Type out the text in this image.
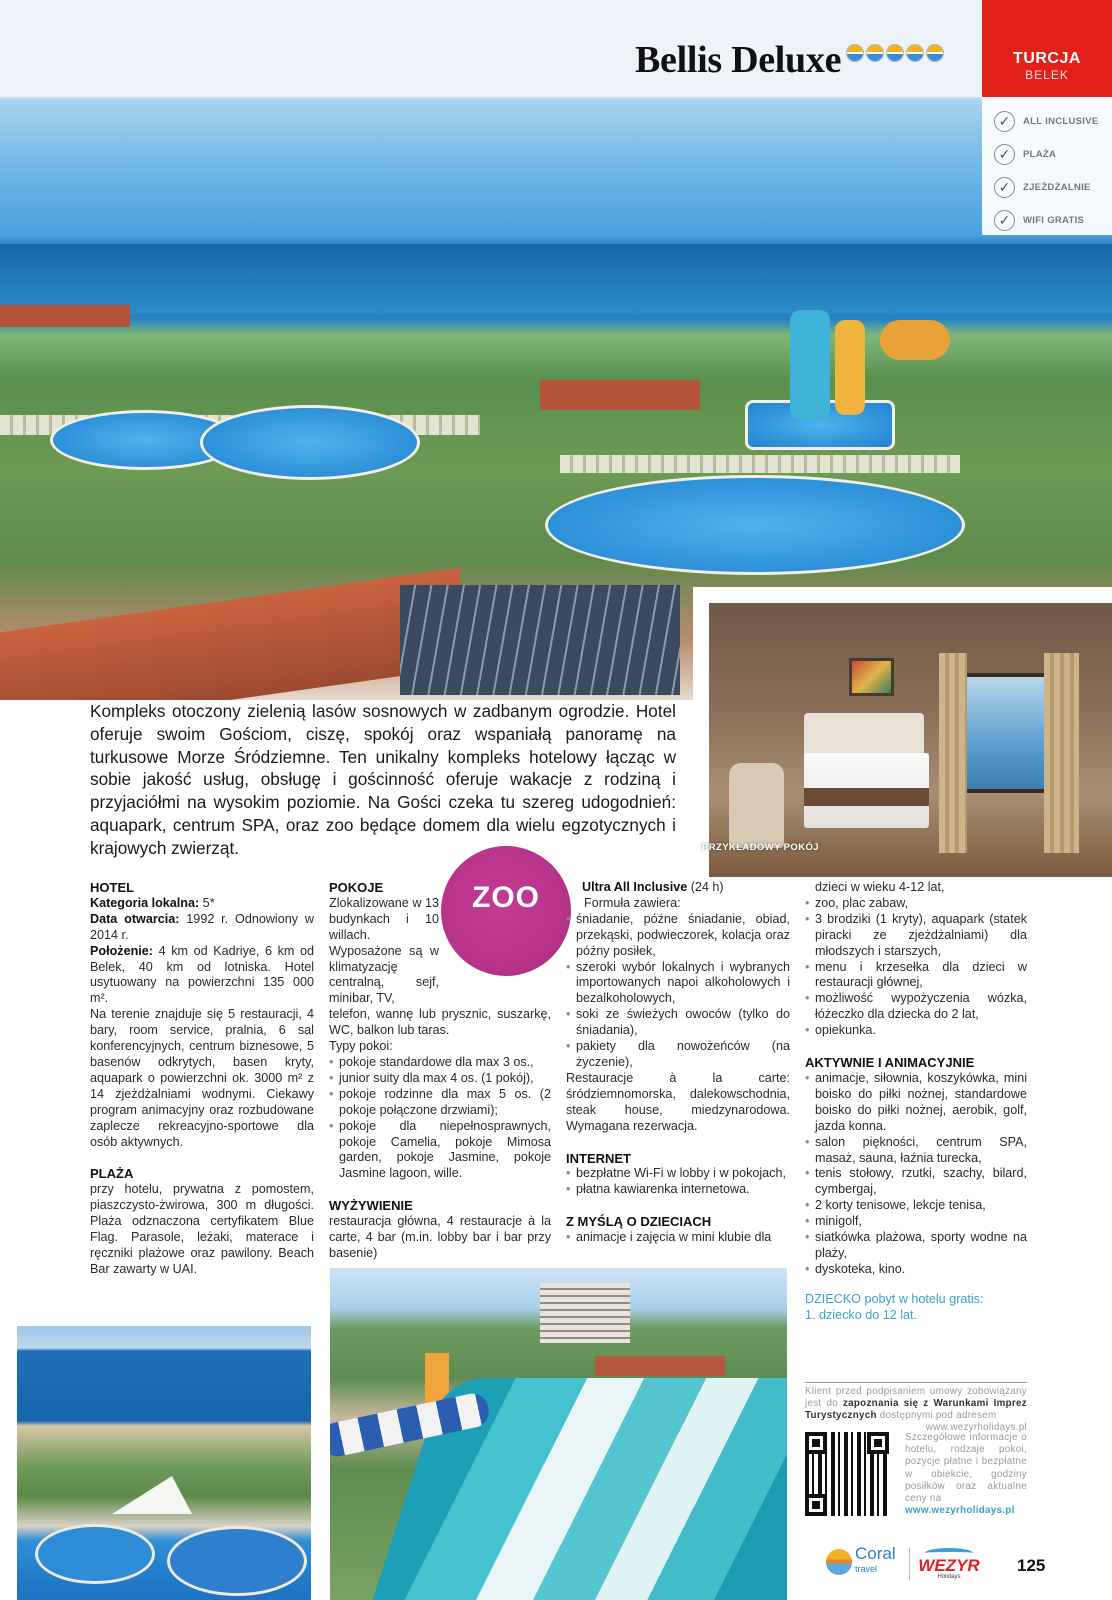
Bellis Deluxe	TURCJA
BELEK
✓	ALL INCLUSIVE
✓	PLAŻA
✓	ZJEŻDŻALNIE
✓	WIFI GRATIS
PRZYKŁADOWY POKÓJ

Kompleks otoczony zielenią lasów sosnowych w zadbanym ogrodzie. Hotel oferuje swoim Gościom, ciszę, spokój oraz wspaniałą panoramę na turkusowe Morze Śródziemne. Ten unikalny kompleks hotelowy łącząc w sobie jakość usług, obsługę i gościnność oferuje wakacje z rodziną i przyjaciółmi na wysokim poziomie. Na Gości czeka tu szereg udogodnień: aquapark, centrum SPA, oraz zoo będące domem dla wielu egzotycznych i krajowych zwierząt.

ZOO
HOTEL

Kategoria lokalna: 5*

Data otwarcia: 1992 r. Odnowiony w 2014 r.

Położenie: 4 km od Kadriye, 6 km od Belek, 40 km od lotniska. Hotel usytuowany na powierzchni 135 000 m².

Na terenie znajduje się 5 restauracji, 4 bary, room service, pralnia, 6 sal konferencyjnych, centrum biznesowe, 5 basenów odkrytych, basen kryty, aquapark o powierzchni ok. 3000 m² z 14 zjeżdżalniami wodnymi. Ciekawy program animacyjny oraz rozbudowane zaplecze rekreacyjno-sportowe dla osób aktywnych.

PLAŻA

przy hotelu, prywatna z pomostem, piaszczysto-żwirowa, 300 m długości. Plaża odznaczona certyfikatem Blue Flag. Parasole, leżaki, materace i ręczniki plażowe oraz pawilony. Beach Bar zawarty w UAI.

POKOJE

Zlokalizowane w 13 budynkach i 10 willach. Wyposażone są w klimatyzację centralną, sejf, minibar, TV,

telefon, wannę lub prysznic, suszarkę, WC, balkon lub taras.

Typy pokoi:

• pokoje standardowe dla max 3 os.,
• junior suity dla max 4 os. (1 pokój),
• pokoje rodzinne dla max 5 os. (2 pokoje połączone drzwiami);
• pokoje dla niepełnosprawnych, pokoje Camelia, pokoje Mimosa garden, pokoje Jasmine, pokoje Jasmine lagoon, wille.
WYŻYWIENIE

restauracja główna, 4 restauracje à la carte, 4 bar (m.in. lobby bar i bar przy basenie)

Ultra All Inclusive (24 h)

Formuła zawiera:

• śniadanie, późne śniadanie, obiad, przekąski, podwieczorek, kolacja oraz późny posiłek,
• szeroki wybór lokalnych i wybranych importowanych napoi alkoholowych i bezalkoholowych,
• soki ze świeżych owoców (tylko do śniadania),
• pakiety dla nowożeńców (na życzenie),

Restauracje à la carte: śródziemnomorska, dalekowschodnia, steak house, miedzynarodowa. Wymagana rezerwacja.

INTERNET
• bezpłatne Wi-Fi w lobby i w pokojach,
• płatna kawiarenka internetowa.
Z MYŚLĄ O DZIECIACH
• animacje i zajęcia w mini klubie dla
dzieci w wieku 4-12 lat,
• zoo, plac zabaw,
• 3 brodziki (1 kryty), aquapark (statek piracki ze zjeżdżalniami) dla młodszych i starszych,
• menu i krzesełka dla dzieci w restauracji głównej,
• możliwość wypożyczenia wózka, łóżeczko dla dziecka do 2 lat,
• opiekunka.
AKTYWNIE I ANIMACYJNIE
• animacje, siłownia, koszykówka, mini boisko do piłki nożnej, standardowe boisko do piłki nożnej, aerobik, golf, jazda konna.
• salon piękności, centrum SPA, masaż, sauna, łaźnia turecka,
• tenis stołowy, rzutki, szachy, bilard, cymbergaj,
• 2 korty tenisowe, lekcje tenisa,
• minigolf,
• siatkówka plażowa, sporty wodne na plaży,
• dyskoteka, kino.
DZIECKO pobyt w hotelu gratis:
1. dziecko do 12 lat.
Klient przed podpisaniem umowy zobowiązany jest do zapoznania się z Warunkami Imprez Turystycznych dostępnymi pod adresem
www.wezyrholidays.pl
Szczegółowe informacje o hotelu, rodzaje pokoi, pozycje płatne i bezpłatne w obiekcie, godziny posiłków oraz aktualne ceny na
www.wezyrholidays.pl
Coral
travel	WEZYR
Holidays
125
